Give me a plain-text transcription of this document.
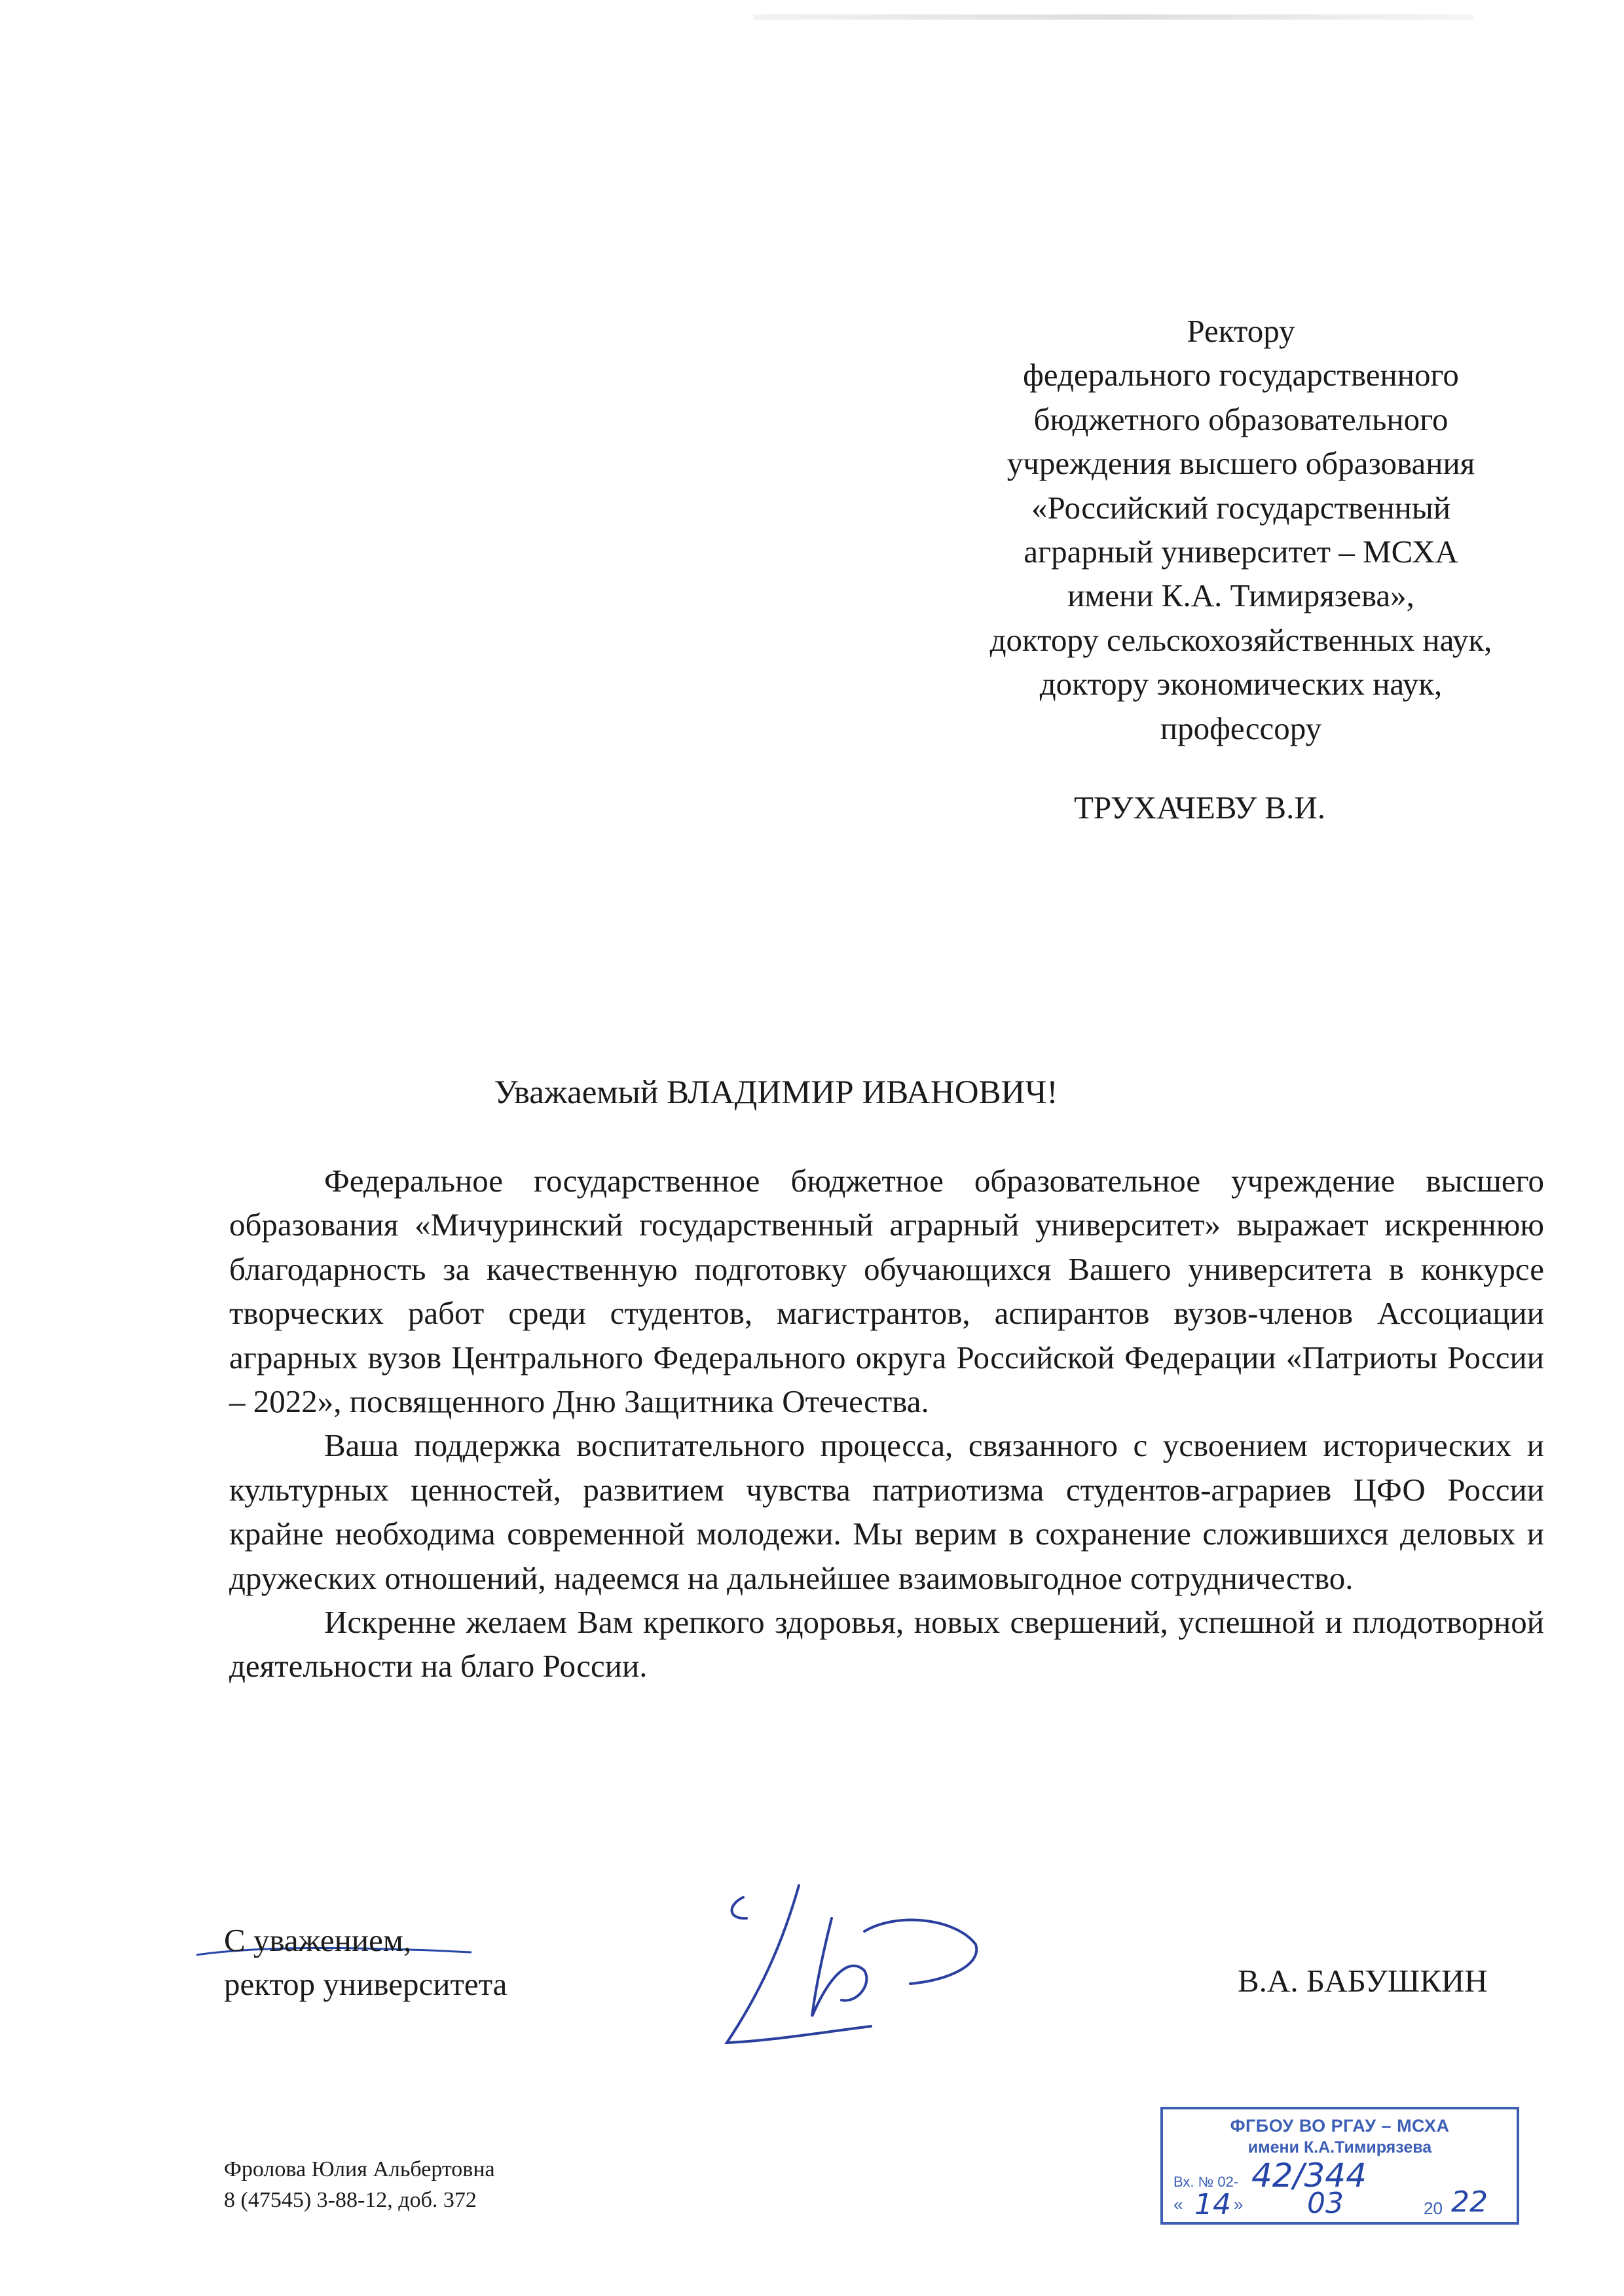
Ректору
федерального государственного
бюджетного образовательного
учреждения высшего образования
«Российский государственный
аграрный университет – МСХА
имени К.А. Тимирязева»,
доктору сельскохозяйственных наук,
доктору экономических наук,
профессору
ТРУХАЧЕВУ В.И.
Уважаемый ВЛАДИМИР ИВАНОВИЧ!

Федеральное государственное бюджетное образовательное учреждение высшего образования «Мичуринский государственный аграрный университет» выражает искреннюю благодарность за качественную подготовку обучающихся Вашего университета в конкурсе творческих работ среди студентов, магистрантов, аспирантов вузов-членов Ассоциации аграрных вузов Центрального Федерального округа Российской Федерации «Патриоты России – 2022», посвященного Дню Защитника Отечества.

Ваша поддержка воспитательного процесса, связанного с усвоением исторических и культурных ценностей, развитием чувства патриотизма студентов-аграриев ЦФО России крайне необходима современной молодежи. Мы верим в сохранение сложившихся деловых и дружеских отношений, надеемся на дальнейшее взаимовыгодное сотрудничество.

Искренне желаем Вам крепкого здоровья, новых свершений, успешной и плодотворной деятельности на благо России.

С уважением,
ректор университета	В.А. БАБУШКИН
Фролова Юлия Альбертовна
8 (47545) 3-88-12, доб. 372
ФГБОУ ВО РГАУ – МСХА
имени К.А.Тимирязева
Вх. № 02- 42/344
« 14 » 03	20 22
